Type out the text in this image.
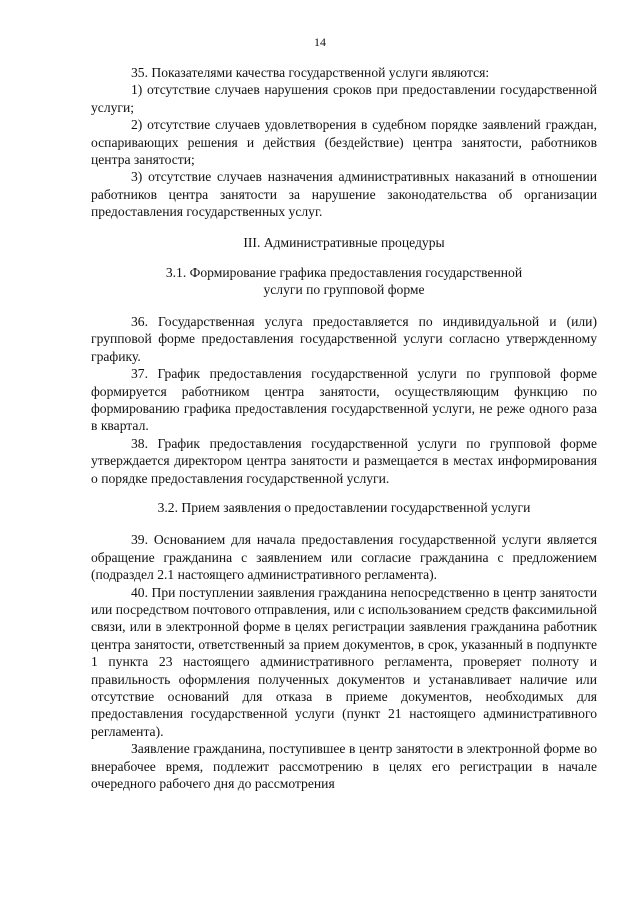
14

35. Показателями качества государственной услуги являются:

1) отсутствие случаев нарушения сроков при предоставлении государственной услуги;

2) отсутствие случаев удовлетворения в судебном порядке заявлений граждан, оспаривающих решения и действия (бездействие) центра занятости, работников центра занятости;

3) отсутствие случаев назначения административных наказаний в отношении работников центра занятости за нарушение законодательства об организации предоставления государственных услуг.

III. Административные процедуры

3.1. Формирование графика предоставления государственной
услуги по групповой форме

36. Государственная услуга предоставляется по индивидуальной и (или) групповой форме предоставления государственной услуги согласно утвержденному графику.

37. График предоставления государственной услуги по групповой форме формируется работником центра занятости, осуществляющим функцию по формированию графика предоставления государственной услуги, не реже одного раза в квартал.

38. График предоставления государственной услуги по групповой форме утверждается директором центра занятости и размещается в местах информирования о порядке предоставления государственной услуги.

3.2. Прием заявления о предоставлении государственной услуги

39. Основанием для начала предоставления государственной услуги является обращение гражданина с заявлением или согласие гражданина с предложением (подраздел 2.1 настоящего административного регламента).

40. При поступлении заявления гражданина непосредственно в центр занятости или посредством почтового отправления, или с использованием средств факсимильной связи, или в электронной форме в целях регистрации заявления гражданина работник центра занятости, ответственный за прием документов, в срок, указанный в подпункте 1 пункта 23 настоящего административного регламента, проверяет полноту и правильность оформления полученных документов и устанавливает наличие или отсутствие оснований для отказа в приеме документов, необходимых для предоставления государственной услуги (пункт 21 настоящего административного регламента).

Заявление гражданина, поступившее в центр занятости в электронной форме во внерабочее время, подлежит рассмотрению в целях его регистрации в начале очередного рабочего дня до рассмотрения
